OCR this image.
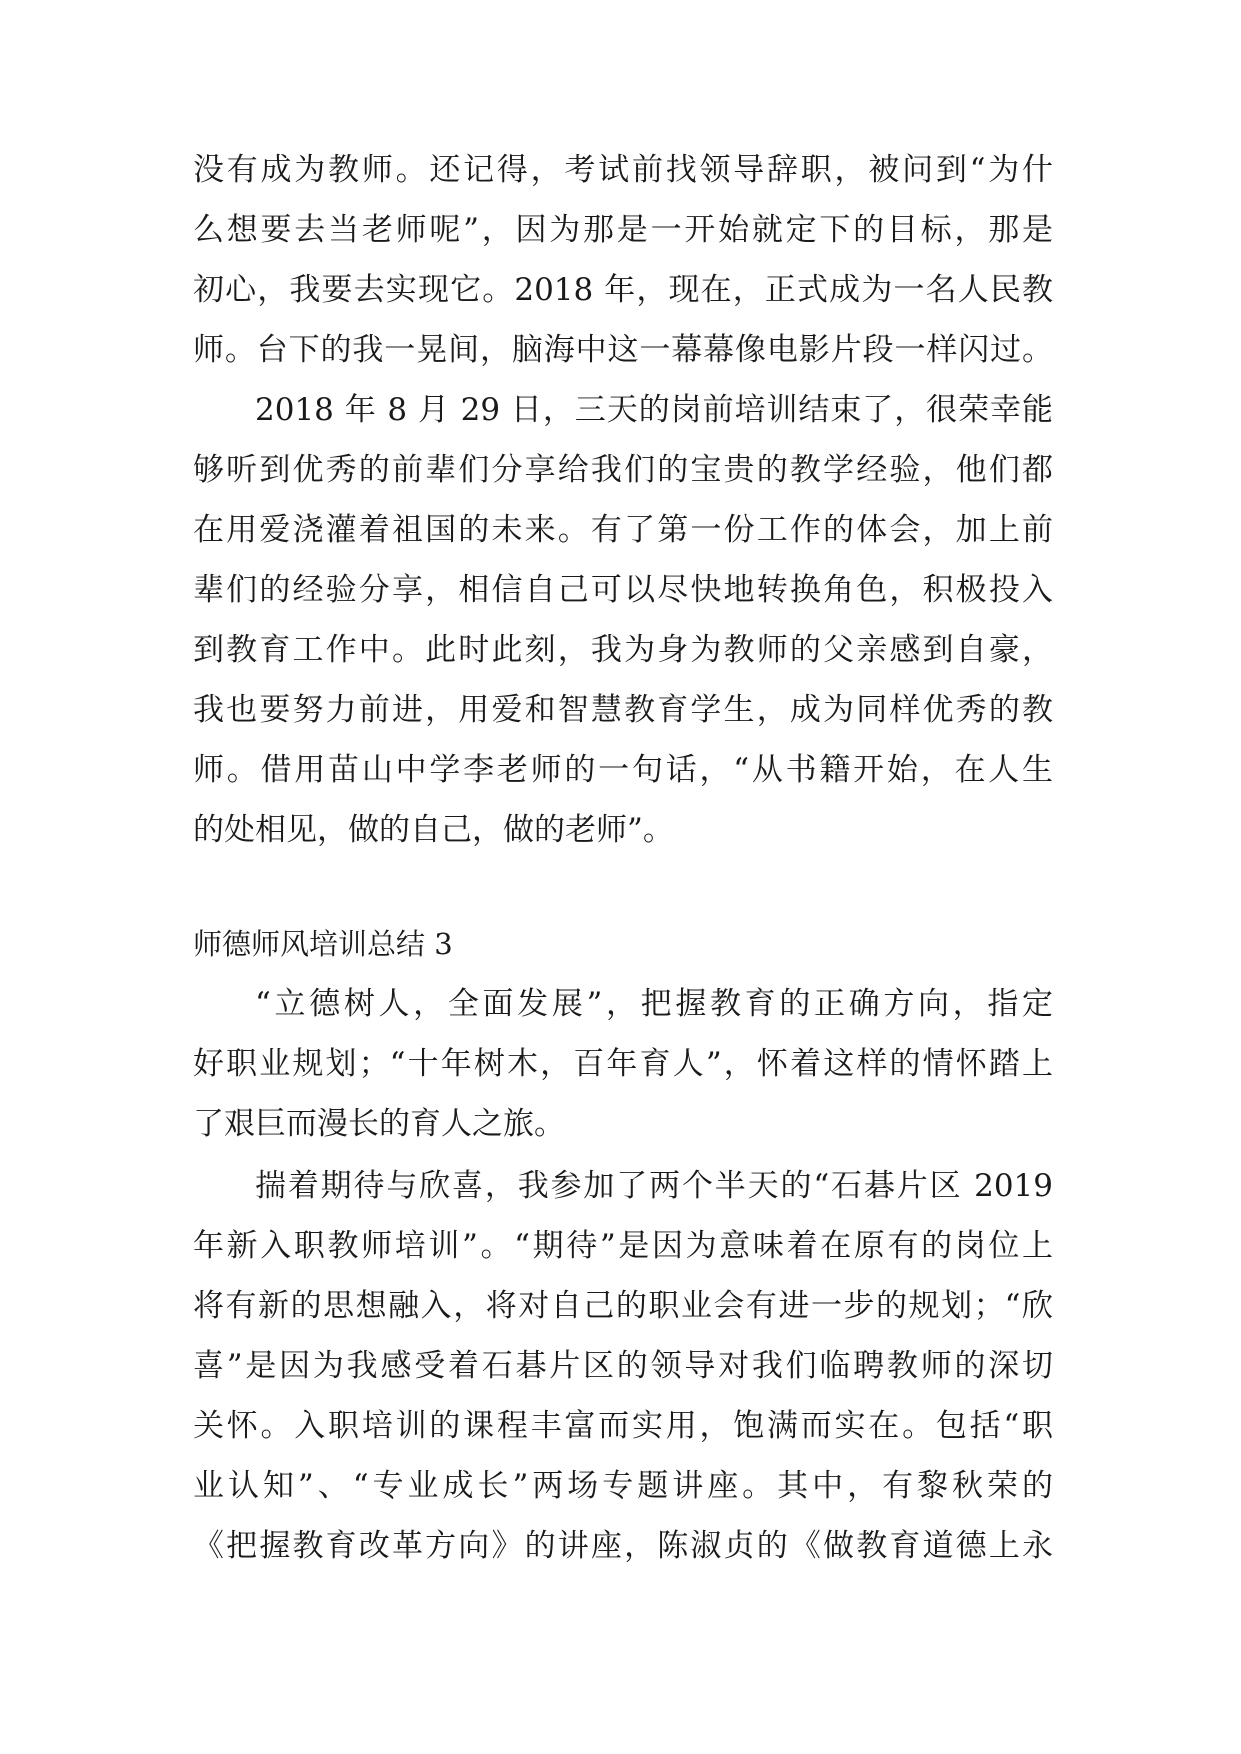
没有成为教师。还记得，考试前找领导辞职，被问到“为什
么想要去当老师呢”，因为那是一开始就定下的目标，那是
初心，我要去实现它。2018 年，现在，正式成为一名人民教
师。台下的我一晃间，脑海中这一幕幕像电影片段一样闪过。
2018 年 8 月 29 日，三天的岗前培训结束了，很荣幸能
够听到优秀的前辈们分享给我们的宝贵的教学经验，他们都
在用爱浇灌着祖国的未来。有了第一份工作的体会，加上前
辈们的经验分享，相信自己可以尽快地转换角色，积极投入
到教育工作中。此时此刻，我为身为教师的父亲感到自豪，
我也要努力前进，用爱和智慧教育学生，成为同样优秀的教
师。借用苗山中学李老师的一句话，“从书籍开始，在人生
的处相见，做的自己，做的老师”。
师德师风培训总结 3
“立德树人，全面发展”，把握教育的正确方向，指定
好职业规划；“十年树木，百年育人”，怀着这样的情怀踏上
了艰巨而漫长的育人之旅。
揣着期待与欣喜，我参加了两个半天的“石碁片区 2019
年新入职教师培训”。“期待”是因为意味着在原有的岗位上
将有新的思想融入，将对自己的职业会有进一步的规划；“欣
喜”是因为我感受着石碁片区的领导对我们临聘教师的深切
关怀。入职培训的课程丰富而实用，饱满而实在。包括“职
业认知”、“专业成长”两场专题讲座。其中，有黎秋荣的
《把握教育改革方向》的讲座，陈淑贞的《做教育道德上永
